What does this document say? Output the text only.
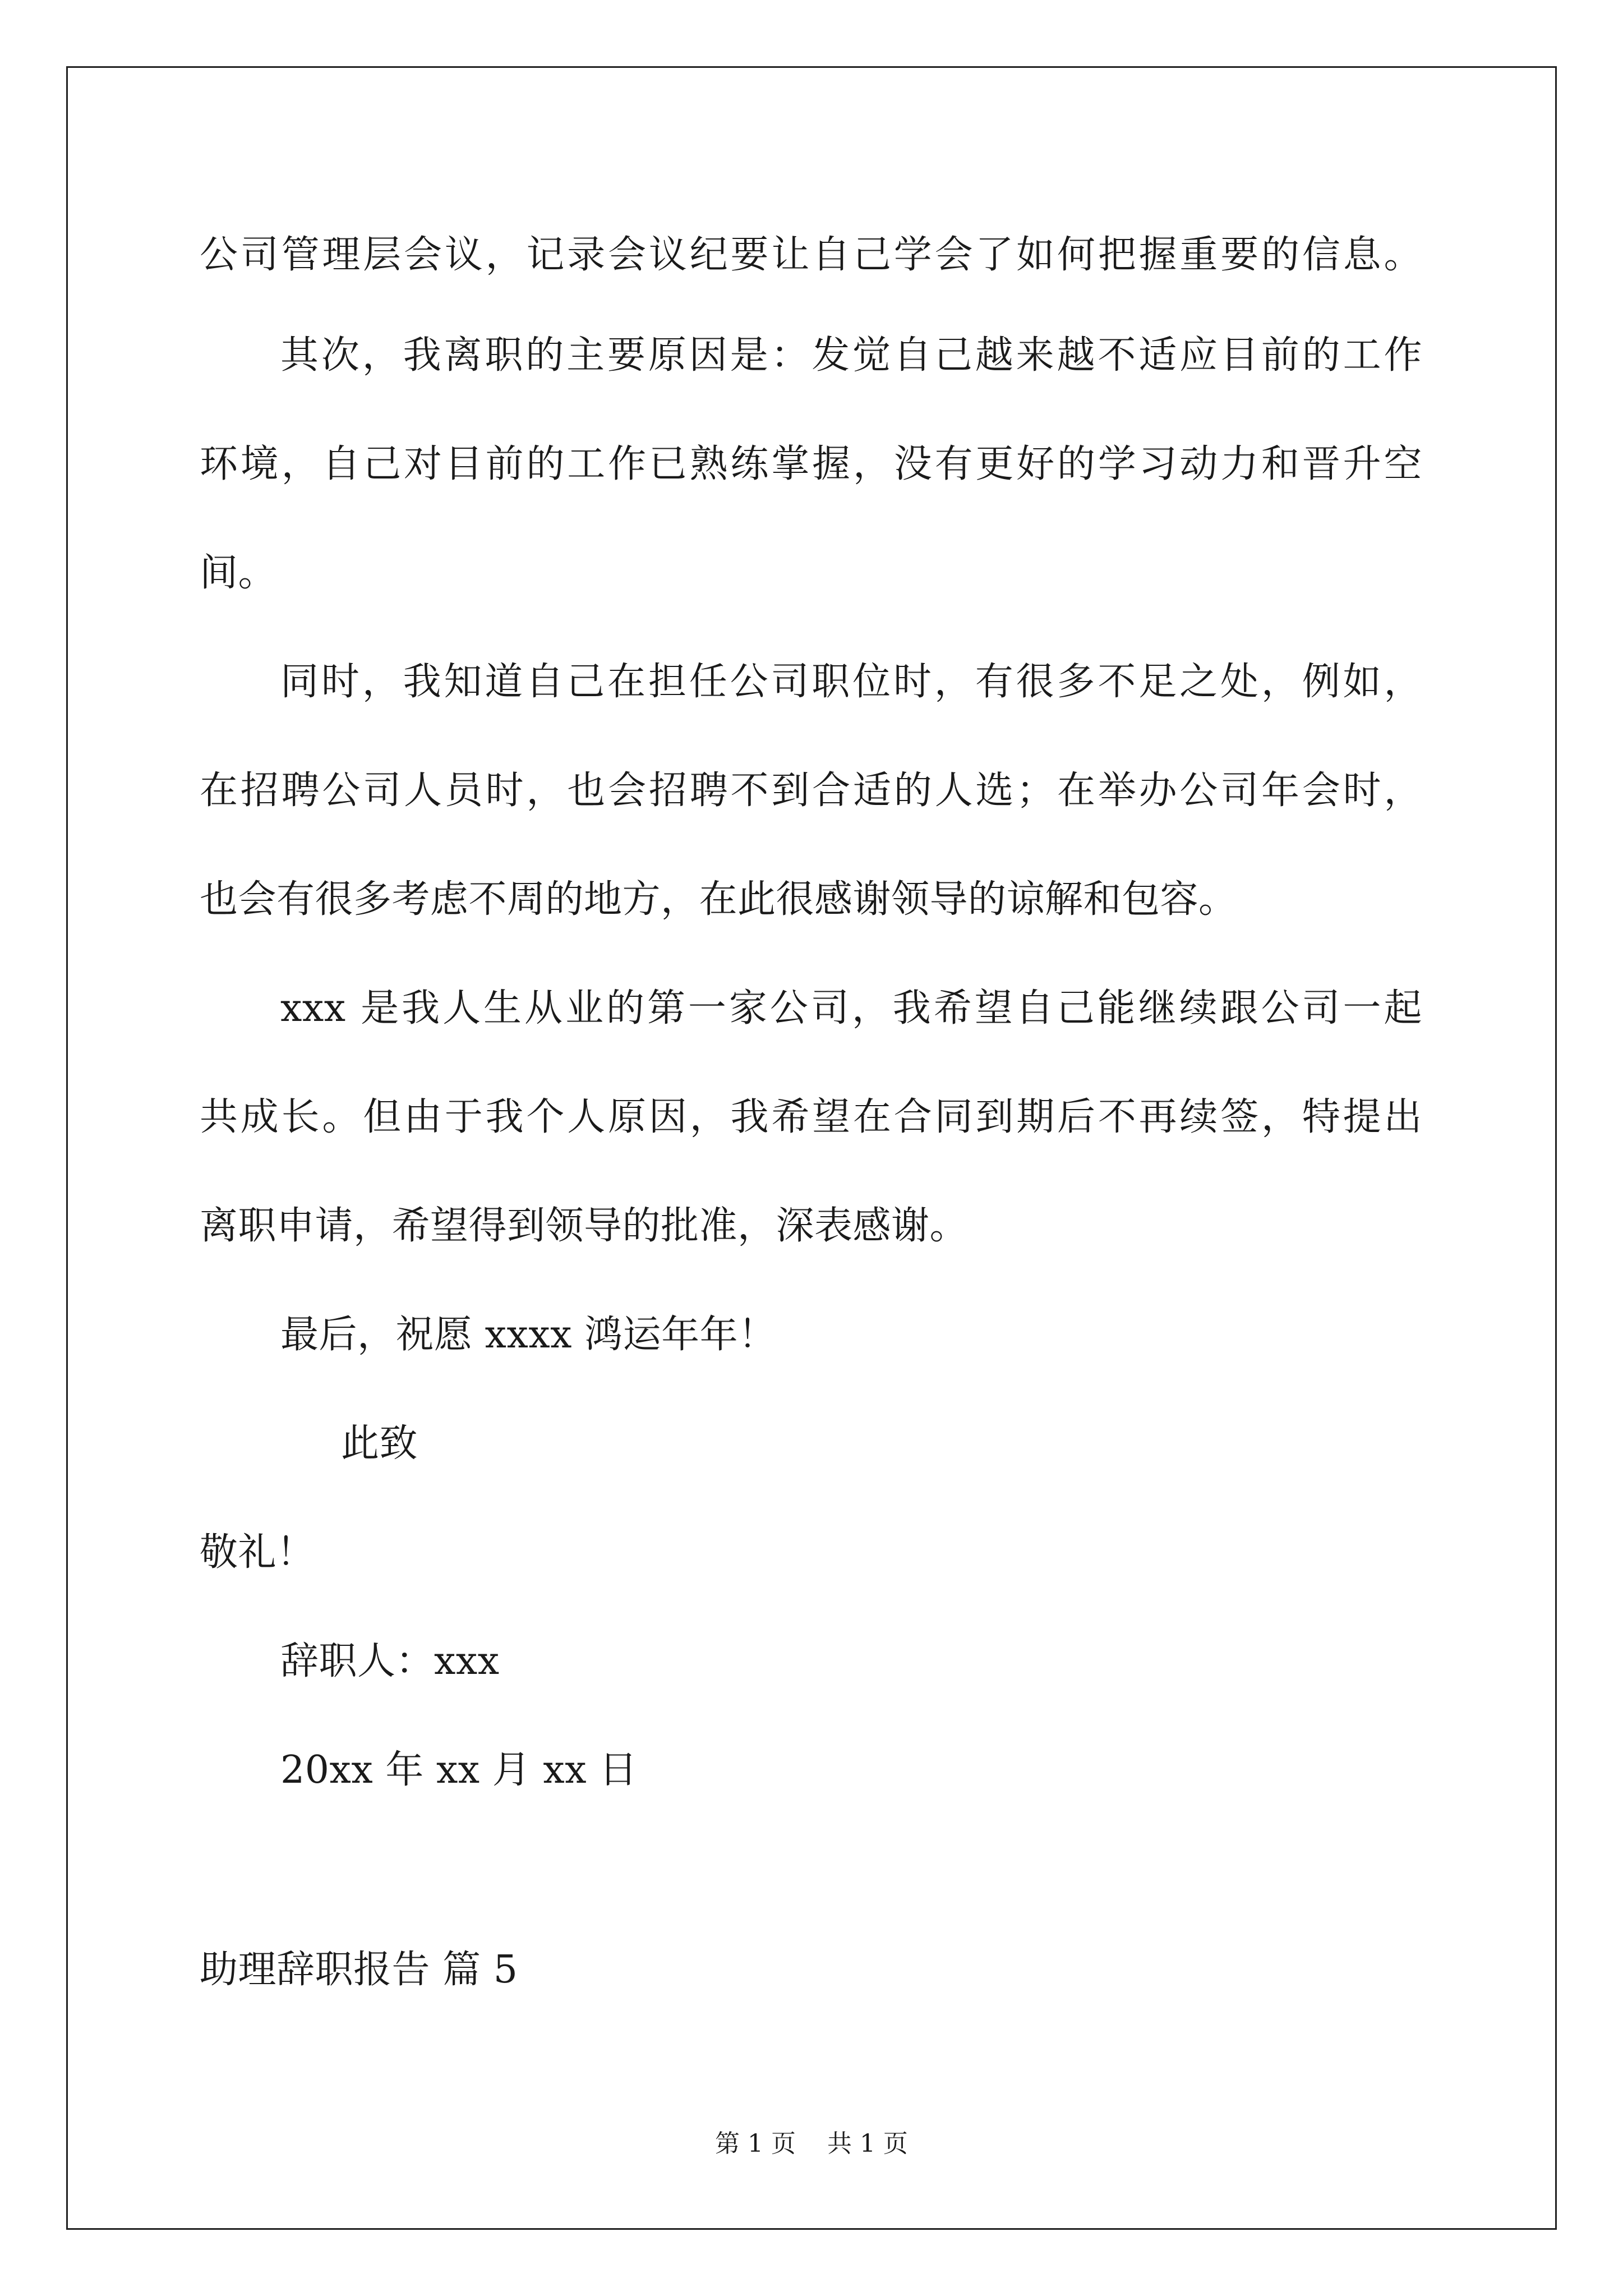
公司管理层会议，记录会议纪要让自己学会了如何把握重要的信息。
其次，我离职的主要原因是：发觉自己越来越不适应目前的工作
环境，自己对目前的工作已熟练掌握，没有更好的学习动力和晋升空
间。
同时，我知道自己在担任公司职位时，有很多不足之处，例如，
在招聘公司人员时，也会招聘不到合适的人选；在举办公司年会时，
也会有很多考虑不周的地方，在此很感谢领导的谅解和包容。
xxx 是我人生从业的第一家公司，我希望自己能继续跟公司一起
共成长。但由于我个人原因，我希望在合同到期后不再续签，特提出
离职申请，希望得到领导的批准，深表感谢。
最后，祝愿 xxxx 鸿运年年！
此致
敬礼！
辞职人：xxx
20xx 年 xx 月 xx 日
助理辞职报告 篇 5
第 1 页 共 1 页
